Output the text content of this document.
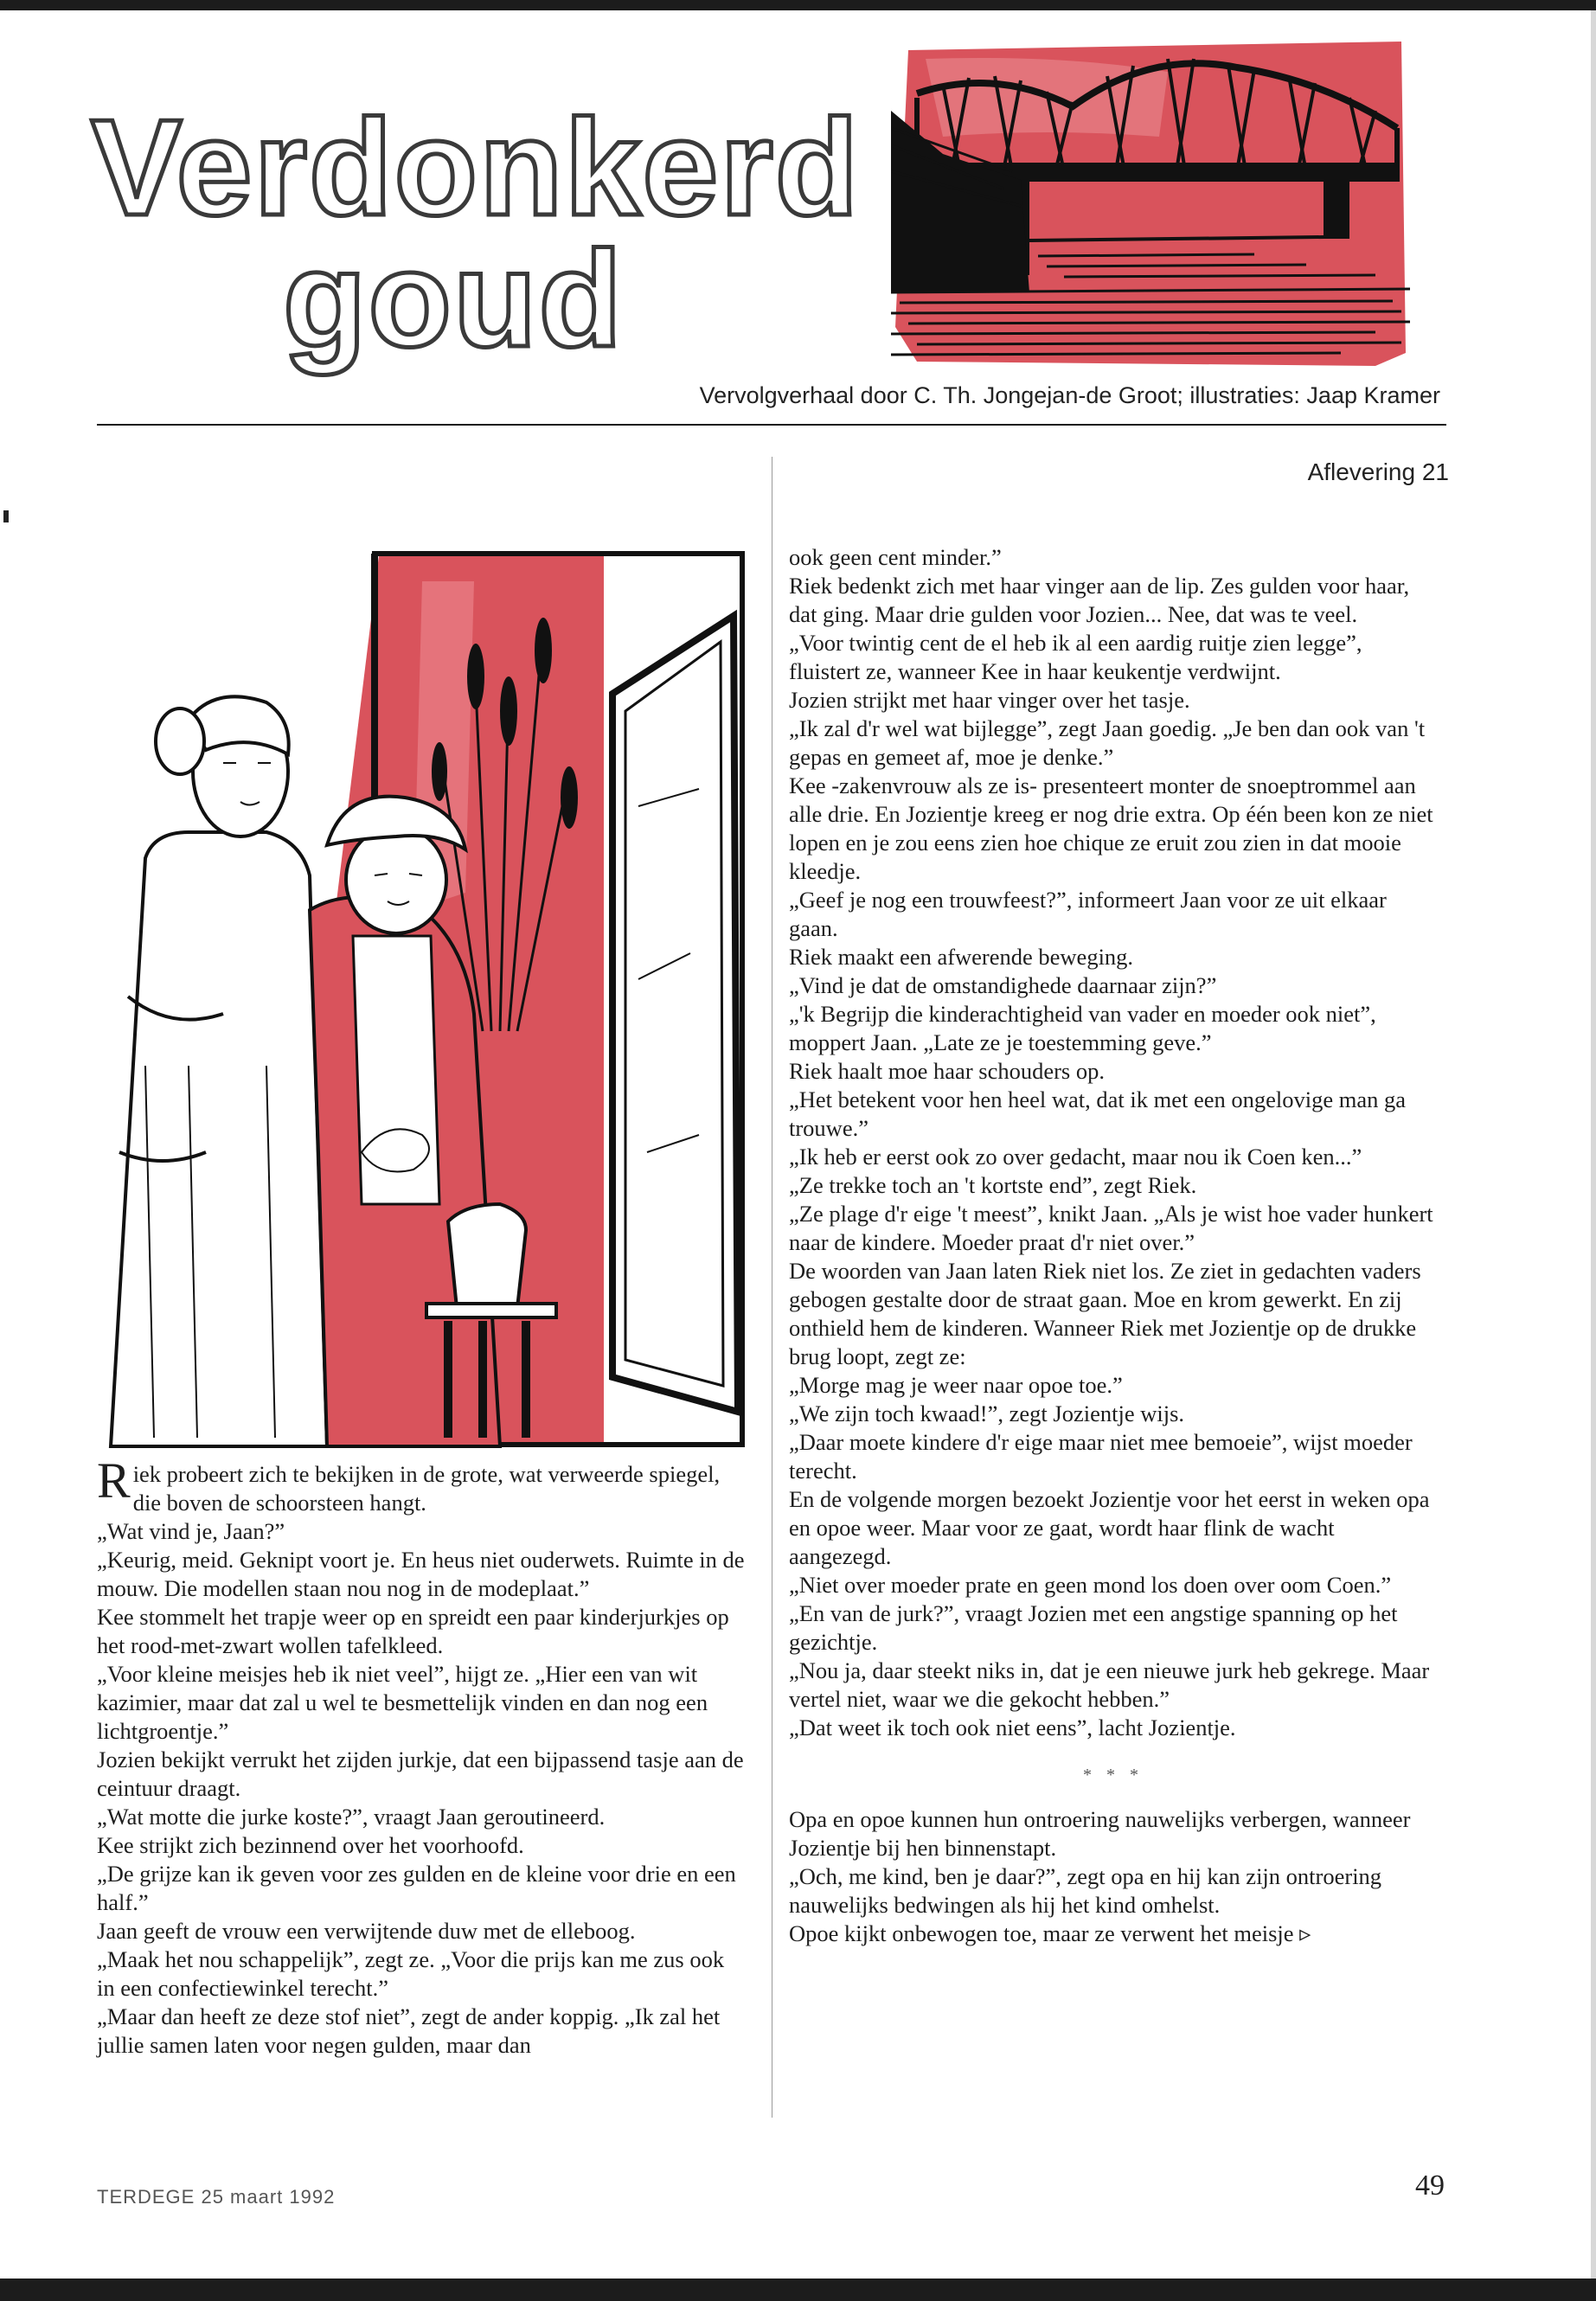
Verdonkerd
goud
Vervolgverhaal door C. Th. Jongejan-de Groot; illustraties: Jaap Kramer
Aflevering 21

Riek probeert zich te bekijken in de grote, wat verweerde spiegel, die boven de schoorsteen hangt.

„Wat vind je, Jaan?”

„Keurig, meid. Geknipt voort je. En heus niet ouderwets. Ruimte in de mouw. Die modellen staan nou nog in de modeplaat.”

Kee stommelt het trapje weer op en spreidt een paar kinderjurkjes op het rood-met-zwart wollen tafelkleed.

„Voor kleine meisjes heb ik niet veel”, hijgt ze. „Hier een van wit kazimier, maar dat zal u wel te besmettelijk vinden en dan nog een lichtgroentje.”

Jozien bekijkt verrukt het zijden jurkje, dat een bijpassend tasje aan de ceintuur draagt.

„Wat motte die jurke koste?”, vraagt Jaan geroutineerd.

Kee strijkt zich bezinnend over het voorhoofd.

„De grijze kan ik geven voor zes gulden en de kleine voor drie en een half.”

Jaan geeft de vrouw een verwijtende duw met de elleboog.

„Maak het nou schappelijk”, zegt ze. „Voor die prijs kan me zus ook in een confectiewinkel terecht.”

„Maar dan heeft ze deze stof niet”, zegt de ander koppig. „Ik zal het jullie samen laten voor negen gulden, maar dan

ook geen cent minder.”

Riek bedenkt zich met haar vinger aan de lip. Zes gulden voor haar, dat ging. Maar drie gulden voor Jozien... Nee, dat was te veel.

„Voor twintig cent de el heb ik al een aardig ruitje zien legge”, fluistert ze, wanneer Kee in haar keukentje verdwijnt.

Jozien strijkt met haar vinger over het tasje.

„Ik zal d'r wel wat bijlegge”, zegt Jaan goedig. „Je ben dan ook van 't gepas en gemeet af, moe je denke.”

Kee -zakenvrouw als ze is- presenteert monter de snoeptrommel aan alle drie. En Jozientje kreeg er nog drie extra. Op één been kon ze niet lopen en je zou eens zien hoe chique ze eruit zou zien in dat mooie kleedje.

„Geef je nog een trouwfeest?”, informeert Jaan voor ze uit elkaar gaan.

Riek maakt een afwerende beweging.

„Vind je dat de omstandighede daarnaar zijn?”

„'k Begrijp die kinderachtigheid van vader en moeder ook niet”, moppert Jaan. „Late ze je toestemming geve.”

Riek haalt moe haar schouders op.

„Het betekent voor hen heel wat, dat ik met een ongelovige man ga trouwe.”

„Ik heb er eerst ook zo over gedacht, maar nou ik Coen ken...”

„Ze trekke toch an 't kortste end”, zegt Riek.

„Ze plage d'r eige 't meest”, knikt Jaan. „Als je wist hoe vader hunkert naar de kindere. Moeder praat d'r niet over.”

De woorden van Jaan laten Riek niet los. Ze ziet in gedachten vaders gebogen gestalte door de straat gaan. Moe en krom gewerkt. En zij onthield hem de kinderen. Wanneer Riek met Jozientje op de drukke brug loopt, zegt ze:

„Morge mag je weer naar opoe toe.”

„We zijn toch kwaad!”, zegt Jozientje wijs.

„Daar moete kindere d'r eige maar niet mee bemoeie”, wijst moeder terecht.

En de volgende morgen bezoekt Jozientje voor het eerst in weken opa en opoe weer. Maar voor ze gaat, wordt haar flink de wacht aangezegd.

„Niet over moeder prate en geen mond los doen over oom Coen.”

„En van de jurk?”, vraagt Jozien met een angstige spanning op het gezichtje.

„Nou ja, daar steekt niks in, dat je een nieuwe jurk heb gekrege. Maar vertel niet, waar we die gekocht hebben.”

„Dat weet ik toch ook niet eens”, lacht Jozientje.

* * *

Opa en opoe kunnen hun ontroering nauwelijks verbergen, wanneer Jozientje bij hen binnenstapt.

„Och, me kind, ben je daar?”, zegt opa en hij kan zijn ontroering nauwelijks bedwingen als hij het kind omhelst.

Opoe kijkt onbewogen toe, maar ze verwent het meisje ▹

TERDEGE 25 maart 1992	49
